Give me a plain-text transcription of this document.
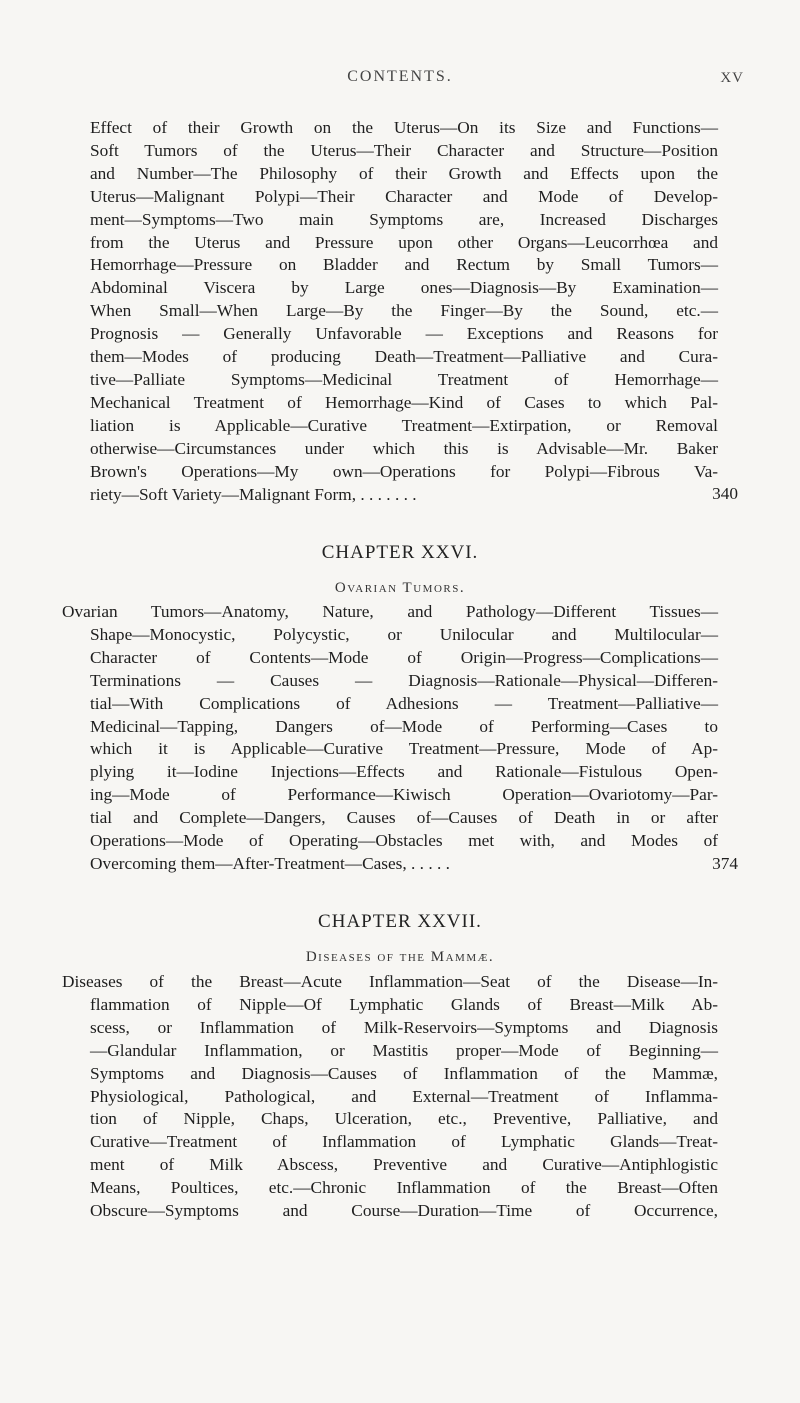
CONTENTS.	XV
Effect of their Growth on the Uterus—On its Size and Functions—
Soft Tumors of the Uterus—Their Character and Structure—Position
and Number—The Philosophy of their Growth and Effects upon the
Uterus—Malignant Polypi—Their Character and Mode of Develop-
ment—Symptoms—Two main Symptoms are, Increased Discharges
from the Uterus and Pressure upon other Organs—Leucorrhœa and
Hemorrhage—Pressure on Bladder and Rectum by Small Tumors—
Abdominal Viscera by Large ones—Diagnosis—By Examination—
When Small—When Large—By the Finger—By the Sound, etc.—
Prognosis — Generally Unfavorable — Exceptions and Reasons for
them—Modes of producing Death—Treatment—Palliative and Cura-
tive—Palliate Symptoms—Medicinal Treatment of Hemorrhage—
Mechanical Treatment of Hemorrhage—Kind of Cases to which Pal-
liation is Applicable—Curative Treatment—Extirpation, or Removal
otherwise—Circumstances under which this is Advisable—Mr. Baker
Brown's Operations—My own—Operations for Polypi—Fibrous Va-
riety—Soft Variety—Malignant Form, . . . . . . .	340
CHAPTER XXVI.
Ovarian Tumors.
Ovarian Tumors—Anatomy, Nature, and Pathology—Different Tissues—
Shape—Monocystic, Polycystic, or Unilocular and Multilocular—
Character of Contents—Mode of Origin—Progress—Complications—
Terminations — Causes — Diagnosis—Rationale—Physical—Differen-
tial—With Complications of Adhesions — Treatment—Palliative—
Medicinal—Tapping, Dangers of—Mode of Performing—Cases to
which it is Applicable—Curative Treatment—Pressure, Mode of Ap-
plying it—Iodine Injections—Effects and Rationale—Fistulous Open-
ing—Mode of Performance—Kiwisch Operation—Ovariotomy—Par-
tial and Complete—Dangers, Causes of—Causes of Death in or after
Operations—Mode of Operating—Obstacles met with, and Modes of
Overcoming them—After-Treatment—Cases, . . . . .	374
CHAPTER XXVII.
Diseases of the Mammæ.
Diseases of the Breast—Acute Inflammation—Seat of the Disease—In-
flammation of Nipple—Of Lymphatic Glands of Breast—Milk Ab-
scess, or Inflammation of Milk-Reservoirs—Symptoms and Diagnosis
—Glandular Inflammation, or Mastitis proper—Mode of Beginning—
Symptoms and Diagnosis—Causes of Inflammation of the Mammæ,
Physiological, Pathological, and External—Treatment of Inflamma-
tion of Nipple, Chaps, Ulceration, etc., Preventive, Palliative, and
Curative—Treatment of Inflammation of Lymphatic Glands—Treat-
ment of Milk Abscess, Preventive and Curative—Antiphlogistic
Means, Poultices, etc.—Chronic Inflammation of the Breast—Often
Obscure—Symptoms and Course—Duration—Time of Occurrence,
